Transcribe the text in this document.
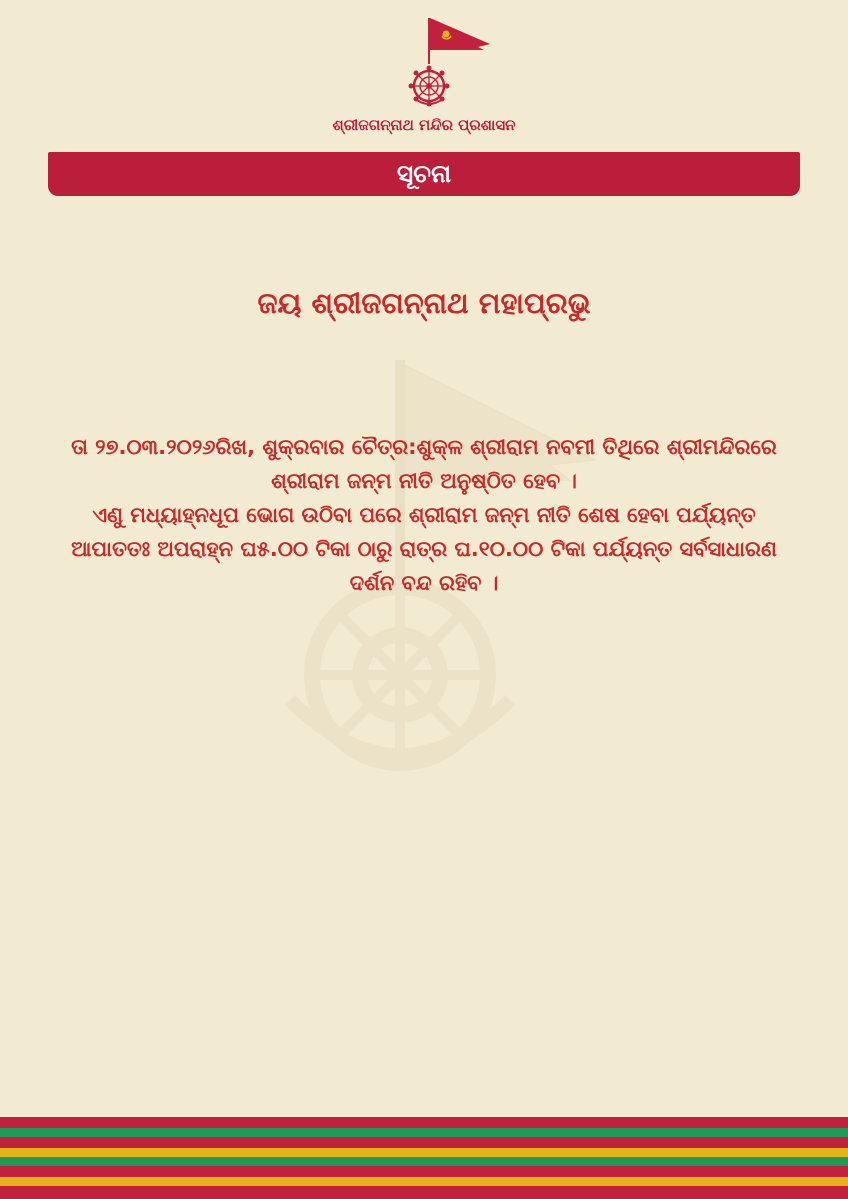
ଶ୍ରୀଜଗନ୍ନାଥ ମନ୍ଦିର ପ୍ରଶାସନ
ସୂଚନା
ଜୟ ଶ୍ରୀଜଗନ୍ନାଥ ମହାପ୍ରଭୁ
ତା ୨୭.୦୩.୨୦୨୬ରିଖ, ଶୁକ୍ରବାର ଚୈତ୍ର:ଶୁକ୍ଳ ଶ୍ରୀରାମ ନବମୀ ତିଥିରେ ଶ୍ରୀମନ୍ଦିରରେ
ଶ୍ରୀରାମ ଜନ୍ମ ନୀତି ଅନୁଷ୍ଠିତ ହେବ ।
ଏଣୁ ମଧ୍ୟାହ୍ନଧୂପ ଭୋଗ ଉଠିବା ପରେ ଶ୍ରୀରାମ ଜନ୍ମ ନୀତି ଶେଷ ହେବା ପର୍ଯ୍ୟନ୍ତ
ଆପାତତଃ ଅପରାହ୍ନ ଘ୫.୦୦ ଟିକା ଠାରୁ ରାତ୍ର ଘ.୧୦.୦୦ ଟିକା ପର୍ଯ୍ୟନ୍ତ ସର୍ବସାଧାରଣ
ଦର୍ଶନ ବନ୍ଦ ରହିବ ।
